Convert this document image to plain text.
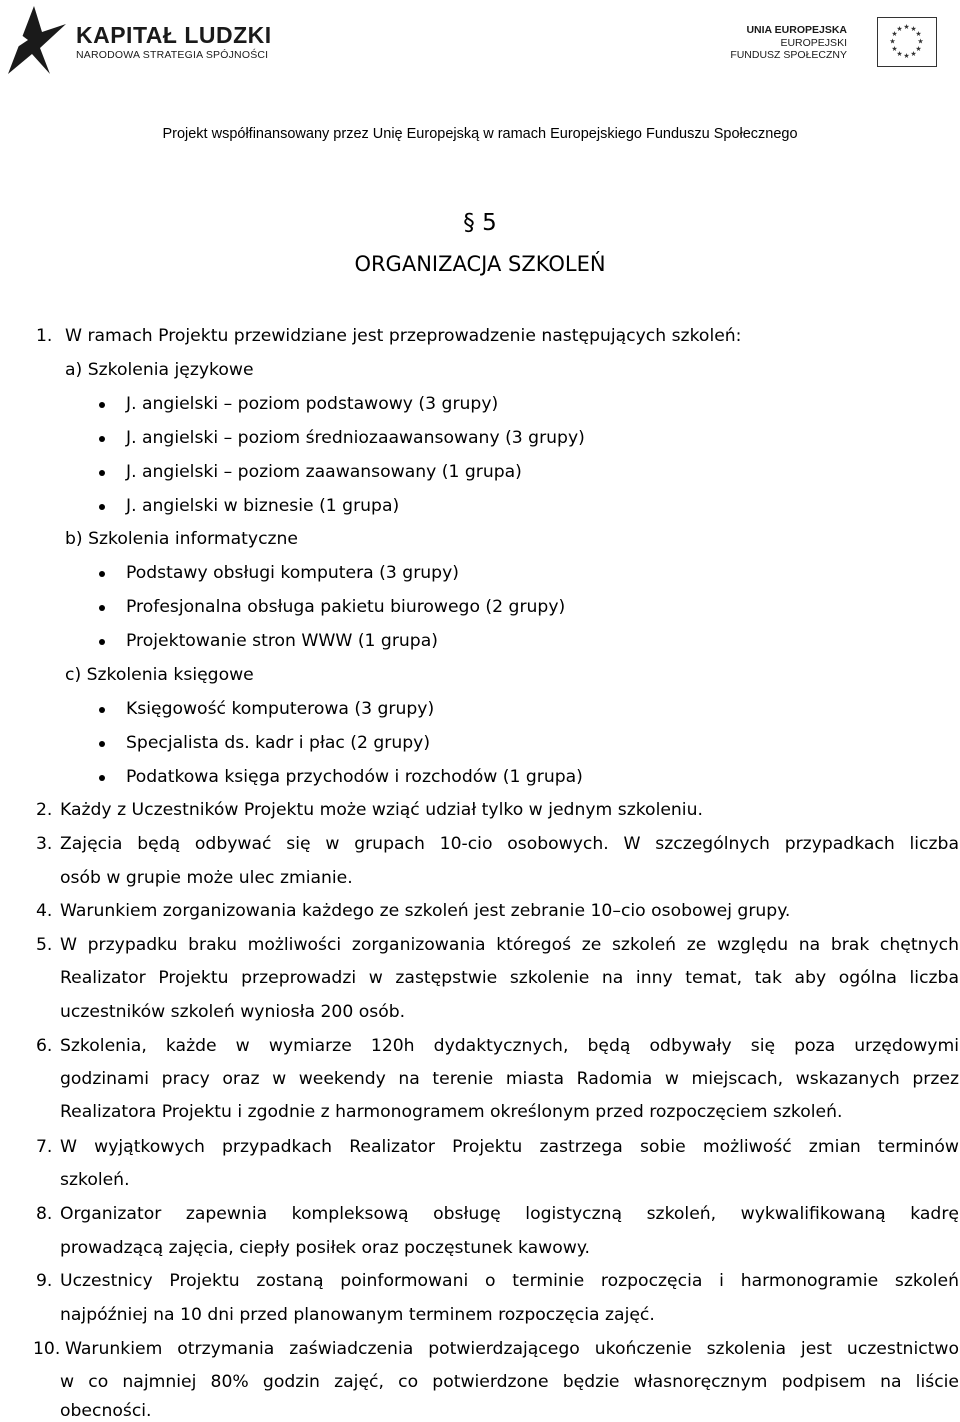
KAPITAŁ LUDZKI
NARODOWA STRATEGIA SPÓJNOŚCI
UNIA EUROPEJSKA
EUROPEJSKI
FUNDUSZ SPOŁECZNY
★ ★
★
★
★
★
★
★
★
★
★
★
Projekt współfinansowany przez Unię Europejską w ramach Europejskiego Funduszu Społecznego
§ 5
ORGANIZACJA SZKOLEŃ
1. W ramach Projektu przewidziane jest przeprowadzenie następujących szkoleń:
a) Szkolenia językowe
J. angielski – poziom podstawowy (3 grupy)
J. angielski – poziom średniozaawansowany (3 grupy)
J. angielski – poziom zaawansowany (1 grupa)
J. angielski w biznesie (1 grupa)
b) Szkolenia informatyczne
Podstawy obsługi komputera (3 grupy)
Profesjonalna obsługa pakietu biurowego (2 grupy)
Projektowanie stron WWW (1 grupa)
c) Szkolenia księgowe
Księgowość komputerowa (3 grupy)
Specjalista ds. kadr i płac (2 grupy)
Podatkowa księga przychodów i rozchodów (1 grupa)
2. Każdy z Uczestników Projektu może wziąć udział tylko w jednym szkoleniu.
3. Zajęcia będą odbywać się w grupach 10-cio osobowych. W szczególnych przypadkach liczba
osób w grupie może ulec zmianie.
4. Warunkiem zorganizowania każdego ze szkoleń jest zebranie 10–cio osobowej grupy.
5. W przypadku braku możliwości zorganizowania któregoś ze szkoleń ze względu na brak chętnych
Realizator Projektu przeprowadzi w zastępstwie szkolenie na inny temat, tak aby ogólna liczba
uczestników szkoleń wyniosła 200 osób.
6. Szkolenia, każde w wymiarze 120h dydaktycznych, będą odbywały się poza urzędowymi
godzinami pracy oraz w weekendy na terenie miasta Radomia w miejscach, wskazanych przez
Realizatora Projektu i zgodnie z harmonogramem określonym przed rozpoczęciem szkoleń.
7. W wyjątkowych przypadkach Realizator Projektu zastrzega sobie możliwość zmian terminów
szkoleń.
8. Organizator zapewnia kompleksową obsługę logistyczną szkoleń, wykwalifikowaną kadrę
prowadzącą zajęcia, ciepły posiłek oraz poczęstunek kawowy.
9. Uczestnicy Projektu zostaną poinformowani o terminie rozpoczęcia i harmonogramie szkoleń
najpóźniej na 10 dni przed planowanym terminem rozpoczęcia zajęć.
10. Warunkiem otrzymania zaświadczenia potwierdzającego ukończenie szkolenia jest uczestnictwo
w co najmniej 80% godzin zajęć, co potwierdzone będzie własnoręcznym podpisem na liście
obecności.
